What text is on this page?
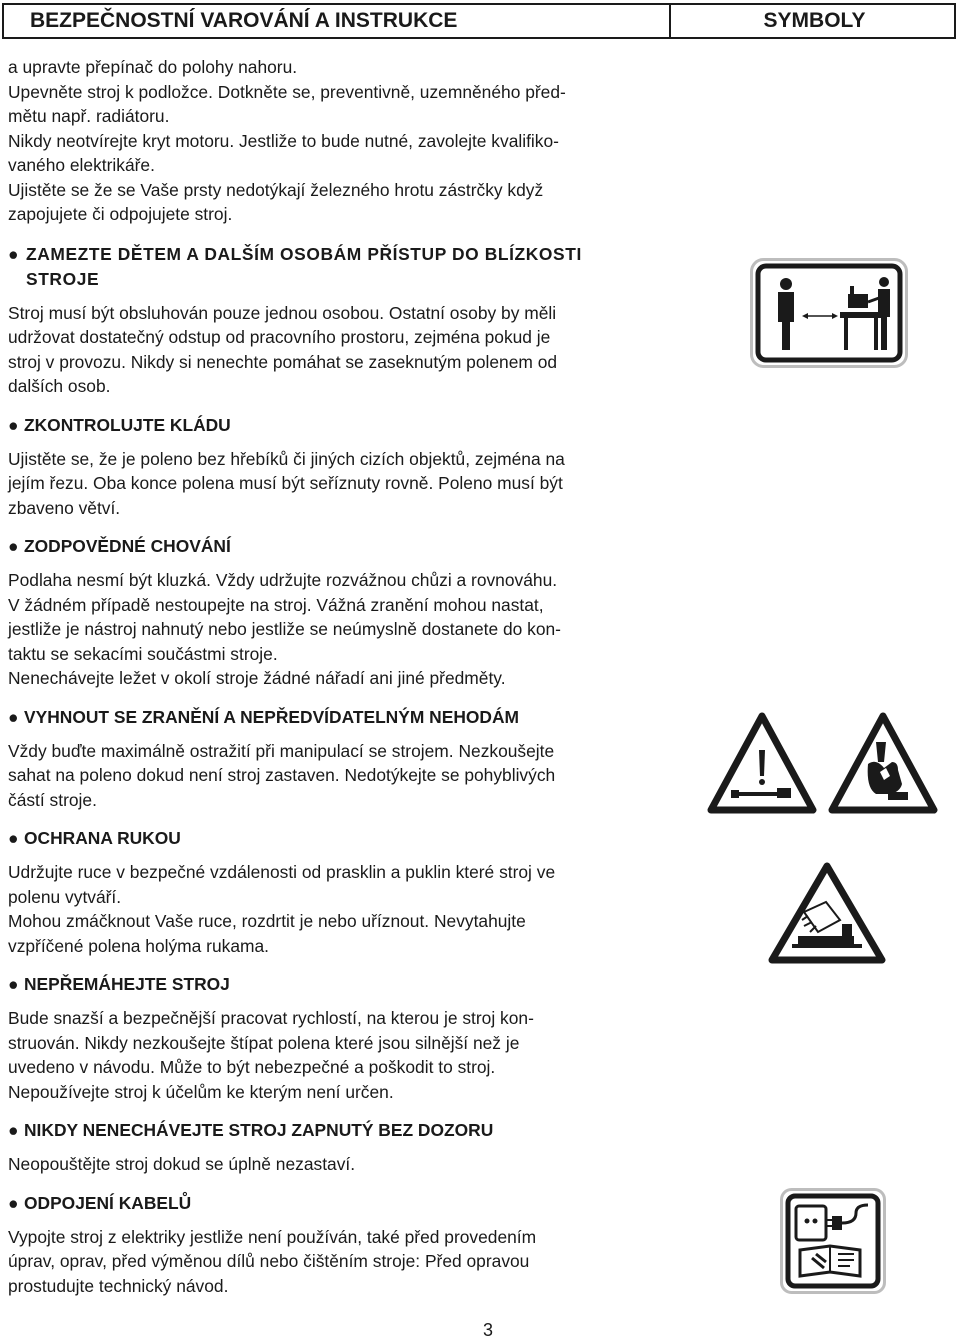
BEZPEČNOSTNÍ VAROVÁNÍ A INSTRUKCE	SYMBOLY

a upravte přepínač do polohy nahoru.

Upevněte stroj k podložce. Dotkněte se, preventivně, uzemněného před-

mětu např. radiátoru.

Nikdy neotvírejte kryt motoru. Jestliže to bude nutné, zavolejte kvalifiko-

vaného elektrikáře.

Ujistěte se že se Vaše prsty nedotýkají železného hrotu zástrčky když

zapojujete či odpojujete stroj.

● ZAMEZTE DĚTEM A DALŠÍM OSOBÁM PŘÍSTUP DO BLÍZKOSTI
STROJE

Stroj musí být obsluhován pouze jednou osobou. Ostatní osoby by měli

udržovat dostatečný odstup od pracovního prostoru, zejména pokud je

stroj v provozu. Nikdy si nenechte pomáhat se zaseknutým polenem od

dalších osob.

● ZKONTROLUJTE KLÁDU

Ujistěte se, že je poleno bez hřebíků či jiných cizích objektů, zejména na

jejím řezu. Oba konce polena musí být seříznuty rovně. Poleno musí být

zbaveno větví.

● ZODPOVĚDNÉ CHOVÁNÍ

Podlaha nesmí být kluzká. Vždy udržujte rozvážnou chůzi a rovnováhu.

V žádném případě nestoupejte na stroj. Vážná zranění mohou nastat,

jestliže je nástroj nahnutý nebo jestliže se neúmyslně dostanete do kon-

taktu se sekacími součástmi stroje.

Nenechávejte ležet v okolí stroje žádné nářadí ani jiné předměty.

● VYHNOUT SE ZRANĚNÍ A NEPŘEDVÍDATELNÝM NEHODÁM

Vždy buďte maximálně ostražití při manipulací se strojem. Nezkoušejte

sahat na poleno dokud není stroj zastaven. Nedotýkejte se pohyblivých

částí stroje.

● OCHRANA RUKOU

Udržujte ruce v bezpečné vzdálenosti od prasklin a puklin které stroj ve

polenu vytváří.

Mohou zmáčknout Vaše ruce, rozdrtit je nebo uříznout. Nevytahujte

vzpříčené polena holýma rukama.

● NEPŘEMÁHEJTE STROJ

Bude snazší a bezpečnější pracovat rychlostí, na kterou je stroj kon-

struován. Nikdy nezkoušejte štípat polena které jsou silnější než je

uvedeno v návodu. Může to být nebezpečné a poškodit to stroj.

Nepoužívejte stroj k účelům ke kterým není určen.

● NIKDY NENECHÁVEJTE STROJ ZAPNUTÝ BEZ DOZORU

Neopouštějte stroj dokud se úplně nezastaví.

● ODPOJENÍ KABELŮ

Vypojte stroj z elektriky jestliže není používán, také před provedením

úprav, oprav, před výměnou dílů nebo čištěním stroje: Před opravou

prostudujte technický návod.

3
